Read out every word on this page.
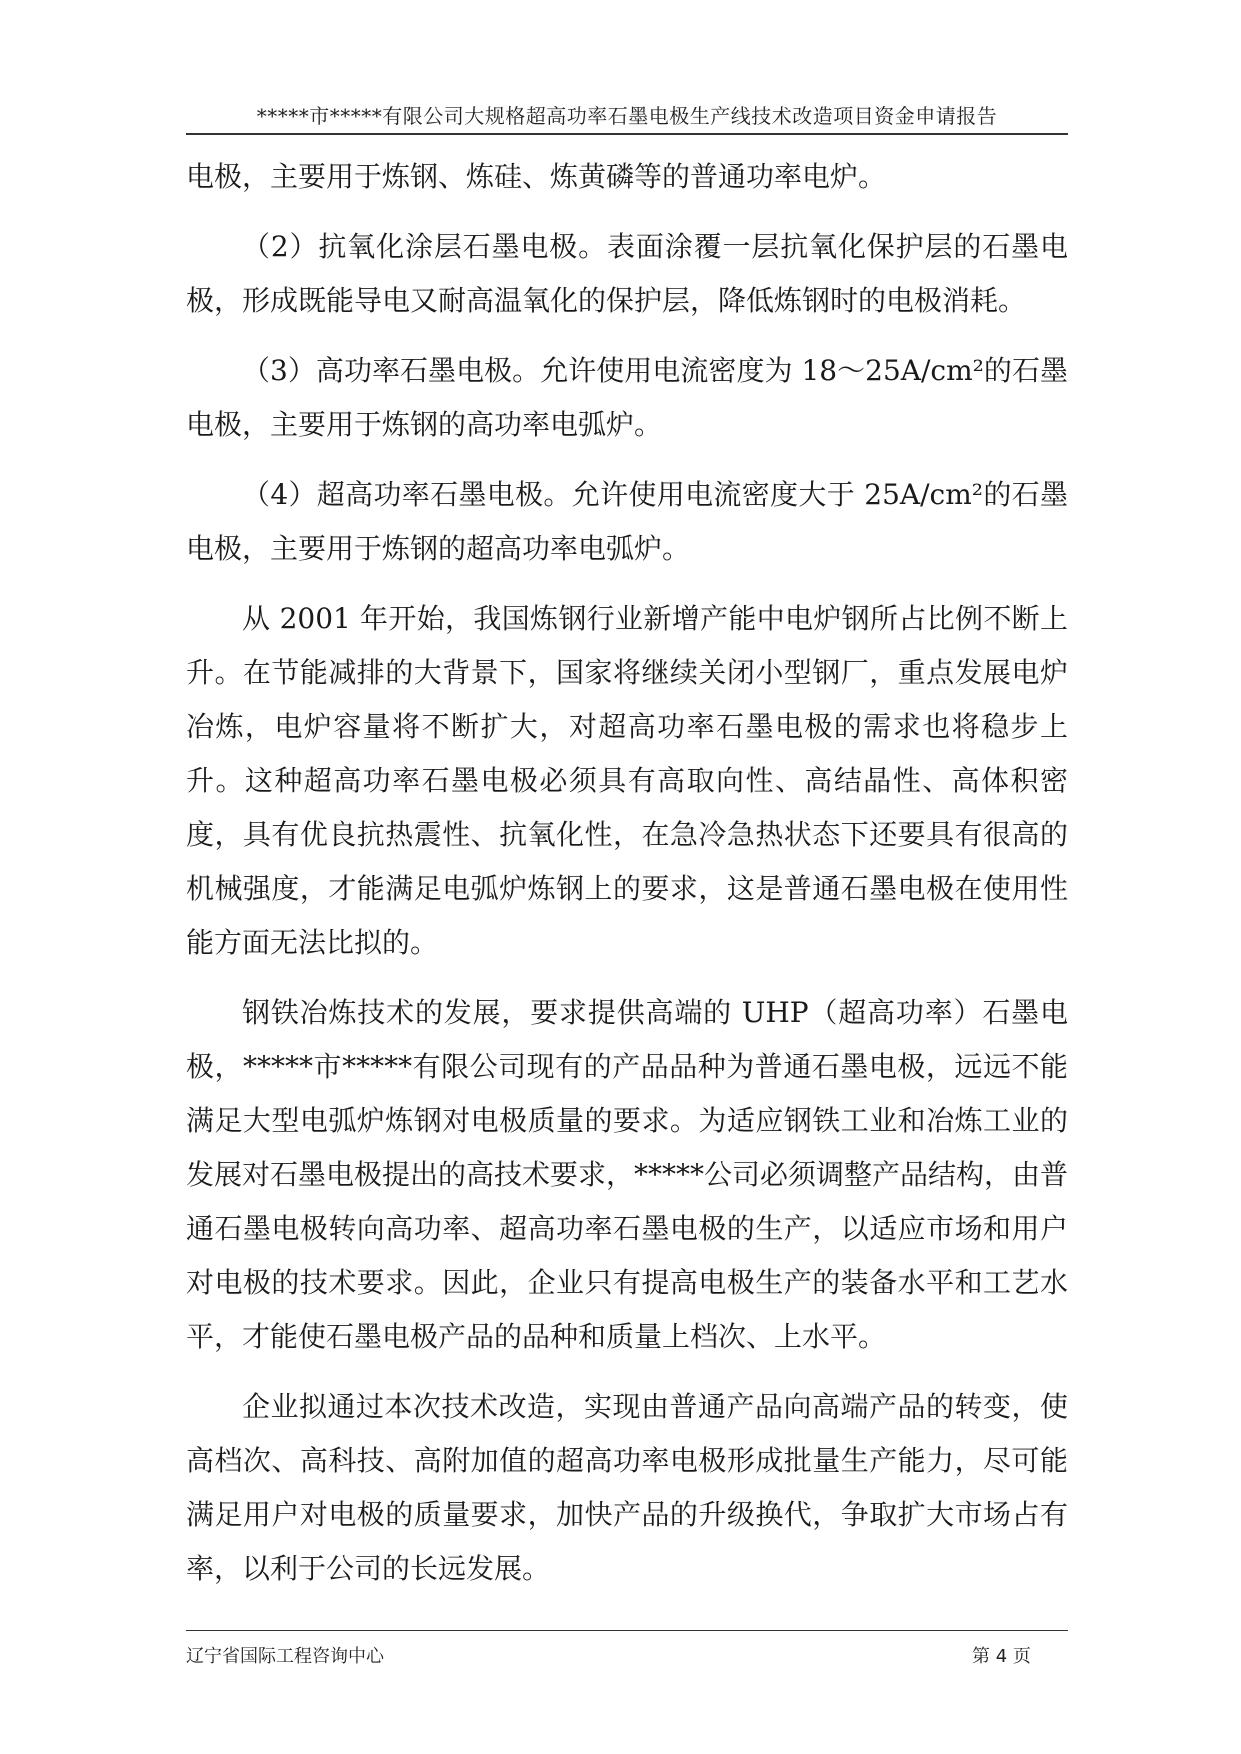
*****市*****有限公司大规格超高功率石墨电极生产线技术改造项目资金申请报告

电极，主要用于炼钢、炼硅、炼黄磷等的普通功率电炉。

（2）抗氧化涂层石墨电极。表面涂覆一层抗氧化保护层的石墨电极，形成既能导电又耐高温氧化的保护层，降低炼钢时的电极消耗。

（3）高功率石墨电极。允许使用电流密度为 18～25A/cm²的石墨电极，主要用于炼钢的高功率电弧炉。

（4）超高功率石墨电极。允许使用电流密度大于 25A/cm²的石墨电极，主要用于炼钢的超高功率电弧炉。

从 2001 年开始，我国炼钢行业新增产能中电炉钢所占比例不断上升。在节能减排的大背景下，国家将继续关闭小型钢厂，重点发展电炉冶炼，电炉容量将不断扩大，对超高功率石墨电极的需求也将稳步上升。这种超高功率石墨电极必须具有高取向性、高结晶性、高体积密度，具有优良抗热震性、抗氧化性，在急冷急热状态下还要具有很高的机械强度，才能满足电弧炉炼钢上的要求，这是普通石墨电极在使用性能方面无法比拟的。

钢铁冶炼技术的发展，要求提供高端的 UHP（超高功率）石墨电极，*****市*****有限公司现有的产品品种为普通石墨电极，远远不能满足大型电弧炉炼钢对电极质量的要求。为适应钢铁工业和冶炼工业的发展对石墨电极提出的高技术要求，*****公司必须调整产品结构，由普通石墨电极转向高功率、超高功率石墨电极的生产，以适应市场和用户对电极的技术要求。因此，企业只有提高电极生产的装备水平和工艺水平，才能使石墨电极产品的品种和质量上档次、上水平。

企业拟通过本次技术改造，实现由普通产品向高端产品的转变，使高档次、高科技、高附加值的超高功率电极形成批量生产能力，尽可能满足用户对电极的质量要求，加快产品的升级换代，争取扩大市场占有率，以利于公司的长远发展。

辽宁省国际工程咨询中心	第 4 页
